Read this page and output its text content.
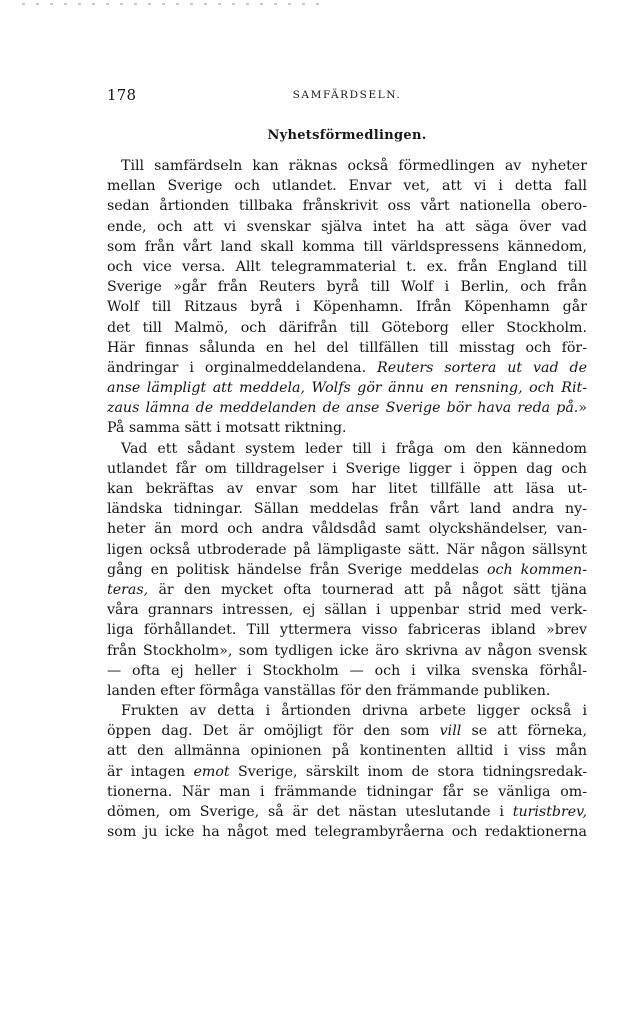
178	SAMFÄRDSELN.
Nyhetsförmedlingen.
Till samfärdseln kan räknas också förmedlingen av nyheter
mellan Sverige och utlandet. Envar vet, att vi i detta fall
sedan årtionden tillbaka frånskrivit oss vårt nationella obero-
ende, och att vi svenskar själva intet ha att säga över vad
som från vårt land skall komma till världspressens kännedom,
och vice versa. Allt telegrammaterial t. ex. från England till
Sverige »går från Reuters byrå till Wolf i Berlin, och från
Wolf till Ritzaus byrå i Köpenhamn. Ifrån Köpenhamn går
det till Malmö, och därifrån till Göteborg eller Stockholm.
Här finnas sålunda en hel del tillfällen till misstag och för-
ändringar i orginalmeddelandena. Reuters sortera ut vad de
anse lämpligt att meddela, Wolfs gör ännu en rensning, och Rit-
zaus lämna de meddelanden de anse Sverige bör hava reda på.»
På samma sätt i motsatt riktning.
Vad ett sådant system leder till i fråga om den kännedom
utlandet får om tilldragelser i Sverige ligger i öppen dag och
kan bekräftas av envar som har litet tillfälle att läsa ut-
ländska tidningar. Sällan meddelas från vårt land andra ny-
heter än mord och andra våldsdåd samt olyckshändelser, van-
ligen också utbroderade på lämpligaste sätt. När någon sällsynt
gång en politisk händelse från Sverige meddelas och kommen-
teras, är den mycket ofta tournerad att på något sätt tjäna
våra grannars intressen, ej sällan i uppenbar strid med verk-
liga förhållandet. Till yttermera visso fabriceras ibland »brev
från Stockholm», som tydligen icke äro skrivna av någon svensk
— ofta ej heller i Stockholm — och i vilka svenska förhål-
landen efter förmåga vanställas för den främmande publiken.
Frukten av detta i årtionden drivna arbete ligger också i
öppen dag. Det är omöjligt för den som vill se att förneka,
att den allmänna opinionen på kontinenten alltid i viss mån
är intagen emot Sverige, särskilt inom de stora tidningsredak-
tionerna. När man i främmande tidningar får se vänliga om-
dömen, om Sverige, så är det nästan uteslutande i turistbrev,
som ju icke ha något med telegrambyråerna och redaktionerna
